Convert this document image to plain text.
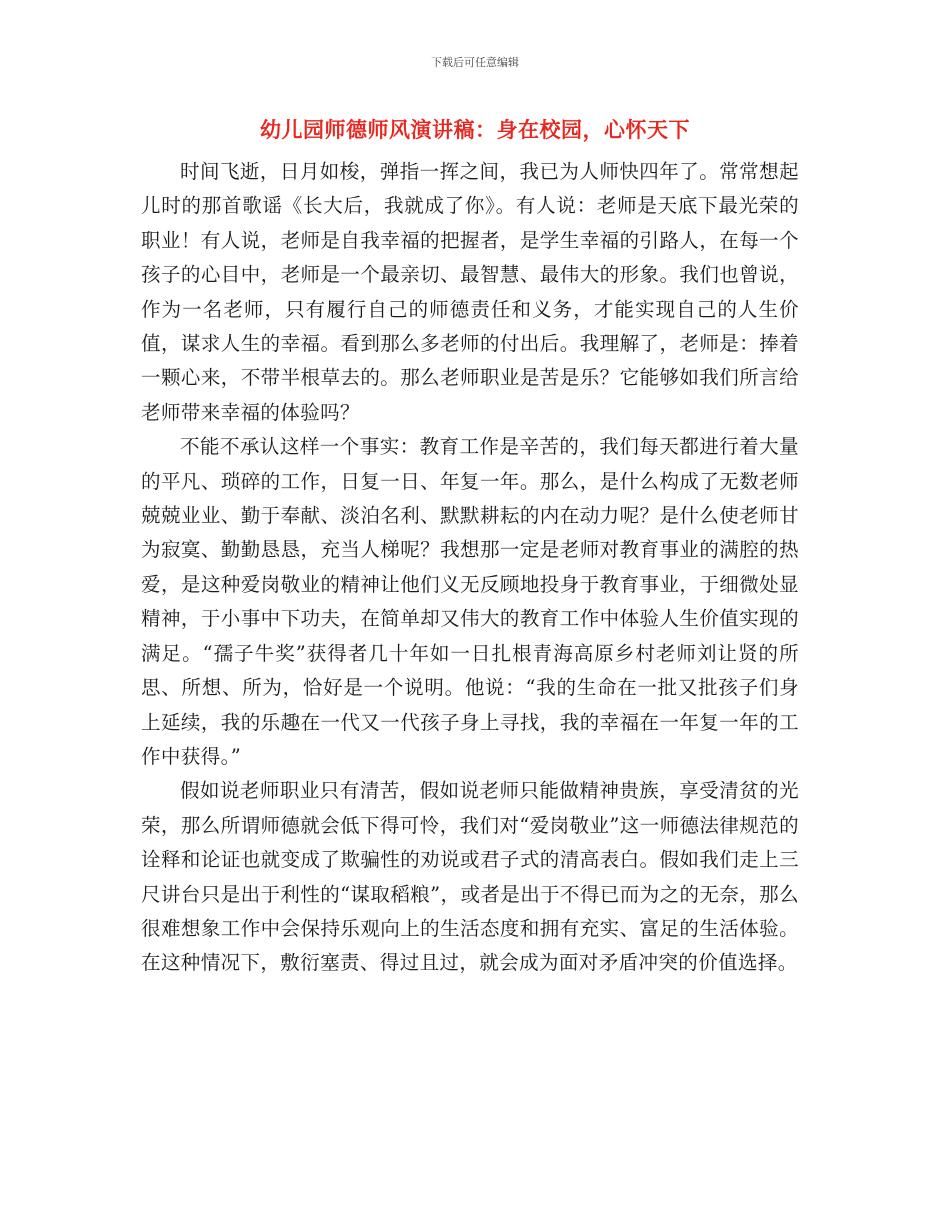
下载后可任意编辑
幼儿园师德师风演讲稿：身在校园，心怀天下

时间飞逝，日月如梭，弹指一挥之间，我已为人师快四年了。常常想起儿时的那首歌谣《长大后，我就成了你》。有人说：老师是天底下最光荣的职业！有人说，老师是自我幸福的把握者，是学生幸福的引路人，在每一个孩子的心目中，老师是一个最亲切、最智慧、最伟大的形象。我们也曾说，作为一名老师，只有履行自己的师德责任和义务，才能实现自己的人生价值，谋求人生的幸福。看到那么多老师的付出后。我理解了，老师是：捧着一颗心来，不带半根草去的。那么老师职业是苦是乐？它能够如我们所言给老师带来幸福的体验吗？

不能不承认这样一个事实：教育工作是辛苦的，我们每天都进行着大量的平凡、琐碎的工作，日复一日、年复一年。那么，是什么构成了无数老师兢兢业业、勤于奉献、淡泊名利、默默耕耘的内在动力呢？是什么使老师甘为寂寞、勤勤恳恳，充当人梯呢？我想那一定是老师对教育事业的满腔的热爱，是这种爱岗敬业的精神让他们义无反顾地投身于教育事业，于细微处显精神，于小事中下功夫，在简单却又伟大的教育工作中体验人生价值实现的满足。“孺子牛奖”获得者几十年如一日扎根青海高原乡村老师刘让贤的所思、所想、所为，恰好是一个说明。他说：“我的生命在一批又批孩子们身上延续，我的乐趣在一代又一代孩子身上寻找，我的幸福在一年复一年的工作中获得。”

假如说老师职业只有清苦，假如说老师只能做精神贵族，享受清贫的光荣，那么所谓师德就会低下得可怜，我们对“爱岗敬业”这一师德法律规范的诠释和论证也就变成了欺骗性的劝说或君子式的清高表白。假如我们走上三尺讲台只是出于利性的“谋取稻粮”，或者是出于不得已而为之的无奈，那么很难想象工作中会保持乐观向上的生活态度和拥有充实、富足的生活体验。在这种情况下，敷衍塞责、得过且过，就会成为面对矛盾冲突的价值选择。
